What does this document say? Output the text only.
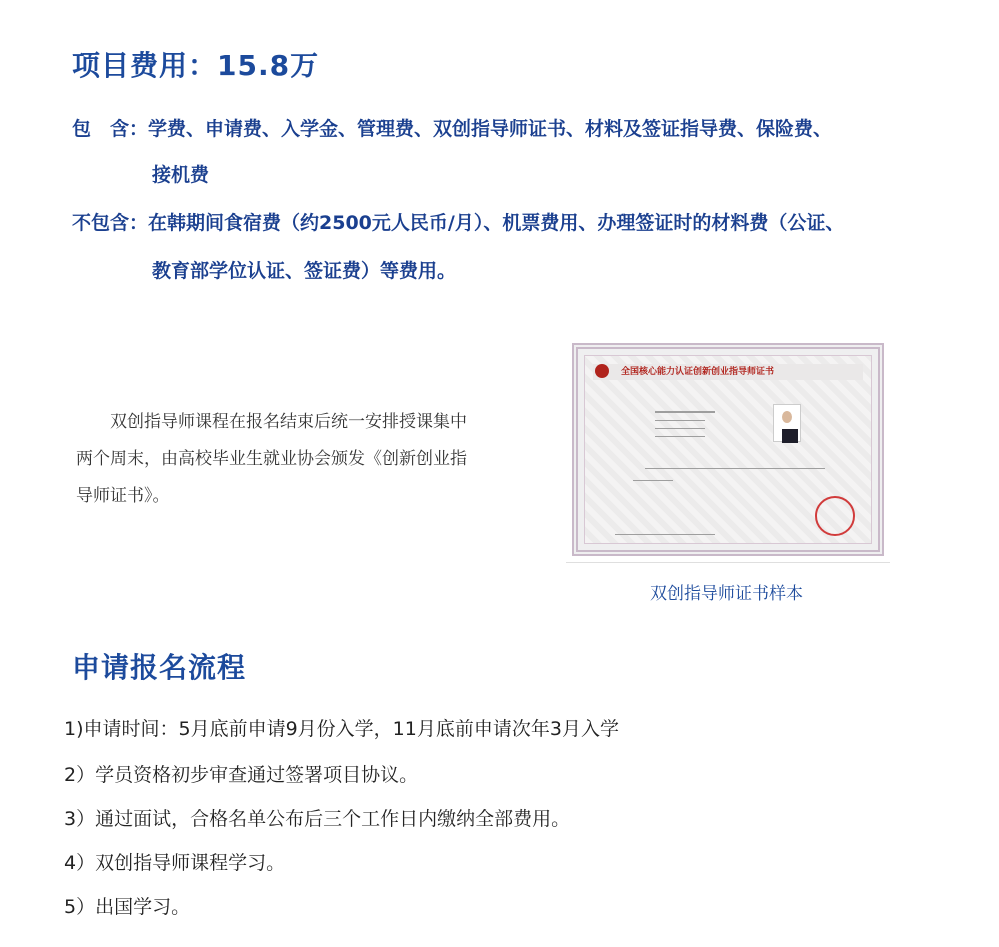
项目费用：15.8万
包　含：学费、申请费、入学金、管理费、双创指导师证书、材料及签证指导费、保险费、
接机费
不包含：在韩期间食宿费（约2500元人民币/月）、机票费用、办理签证时的材料费（公证、
教育部学位认证、签证费）等费用。
　　双创指导师课程在报名结束后统一安排授课集中
两个周末，由高校毕业生就业协会颁发《创新创业指
导师证书》。
全国核心能力认证创新创业指导师证书
双创指导师证书样本
申请报名流程
1)申请时间：5月底前申请9月份入学，11月底前申请次年3月入学
2）学员资格初步审查通过签署项目协议。
3）通过面试，合格名单公布后三个工作日内缴纳全部费用。
4）双创指导师课程学习。
5）出国学习。
